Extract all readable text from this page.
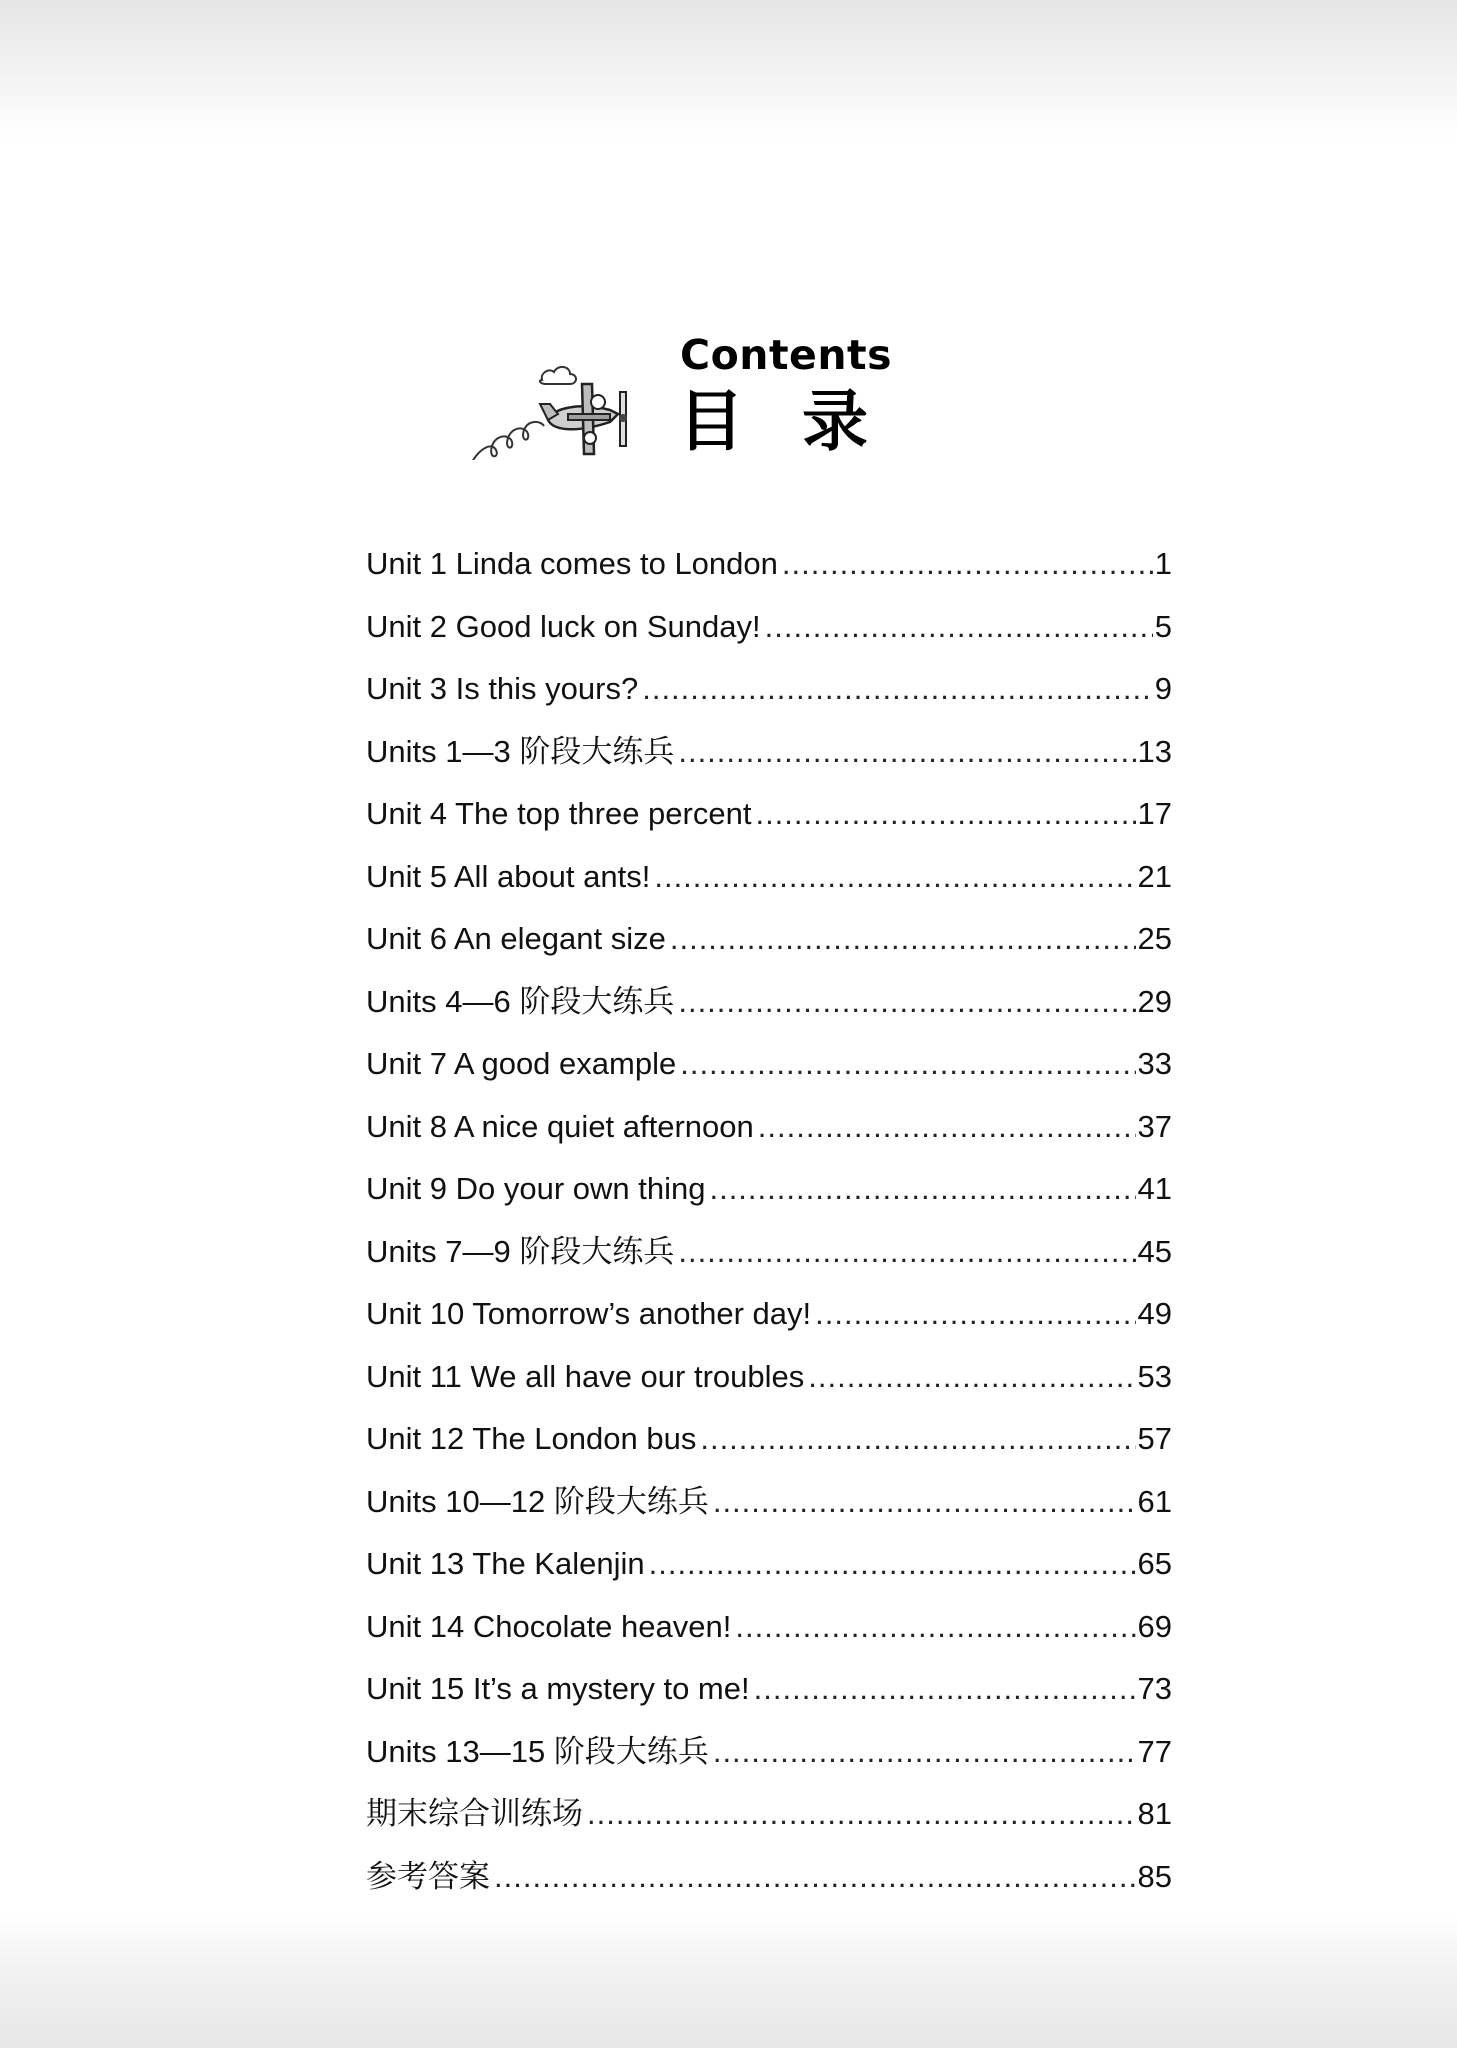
Contents
目录
Unit 1 Linda comes to London .....	1
Unit 2 Good luck on Sunday! .....	5
Unit 3 Is this yours? .....	9
Units 1—3 阶段大练兵 .....	13
Unit 4 The top three percent .....	17
Unit 5 All about ants! .....	21
Unit 6 An elegant size .....	25
Units 4—6 阶段大练兵 .....	29
Unit 7 A good example .....	33
Unit 8 A nice quiet afternoon .....	37
Unit 9 Do your own thing .....	41
Units 7—9 阶段大练兵 .....	45
Unit 10 Tomorrow’s another day! .....	49
Unit 11 We all have our troubles .....	53
Unit 12 The London bus .....	57
Units 10—12 阶段大练兵 .....	61
Unit 13 The Kalenjin .....	65
Unit 14 Chocolate heaven! .....	69
Unit 15 It’s a mystery to me! .....	73
Units 13—15 阶段大练兵 .....	77
期末综合训练场 .....	81
参考答案 .....	85
